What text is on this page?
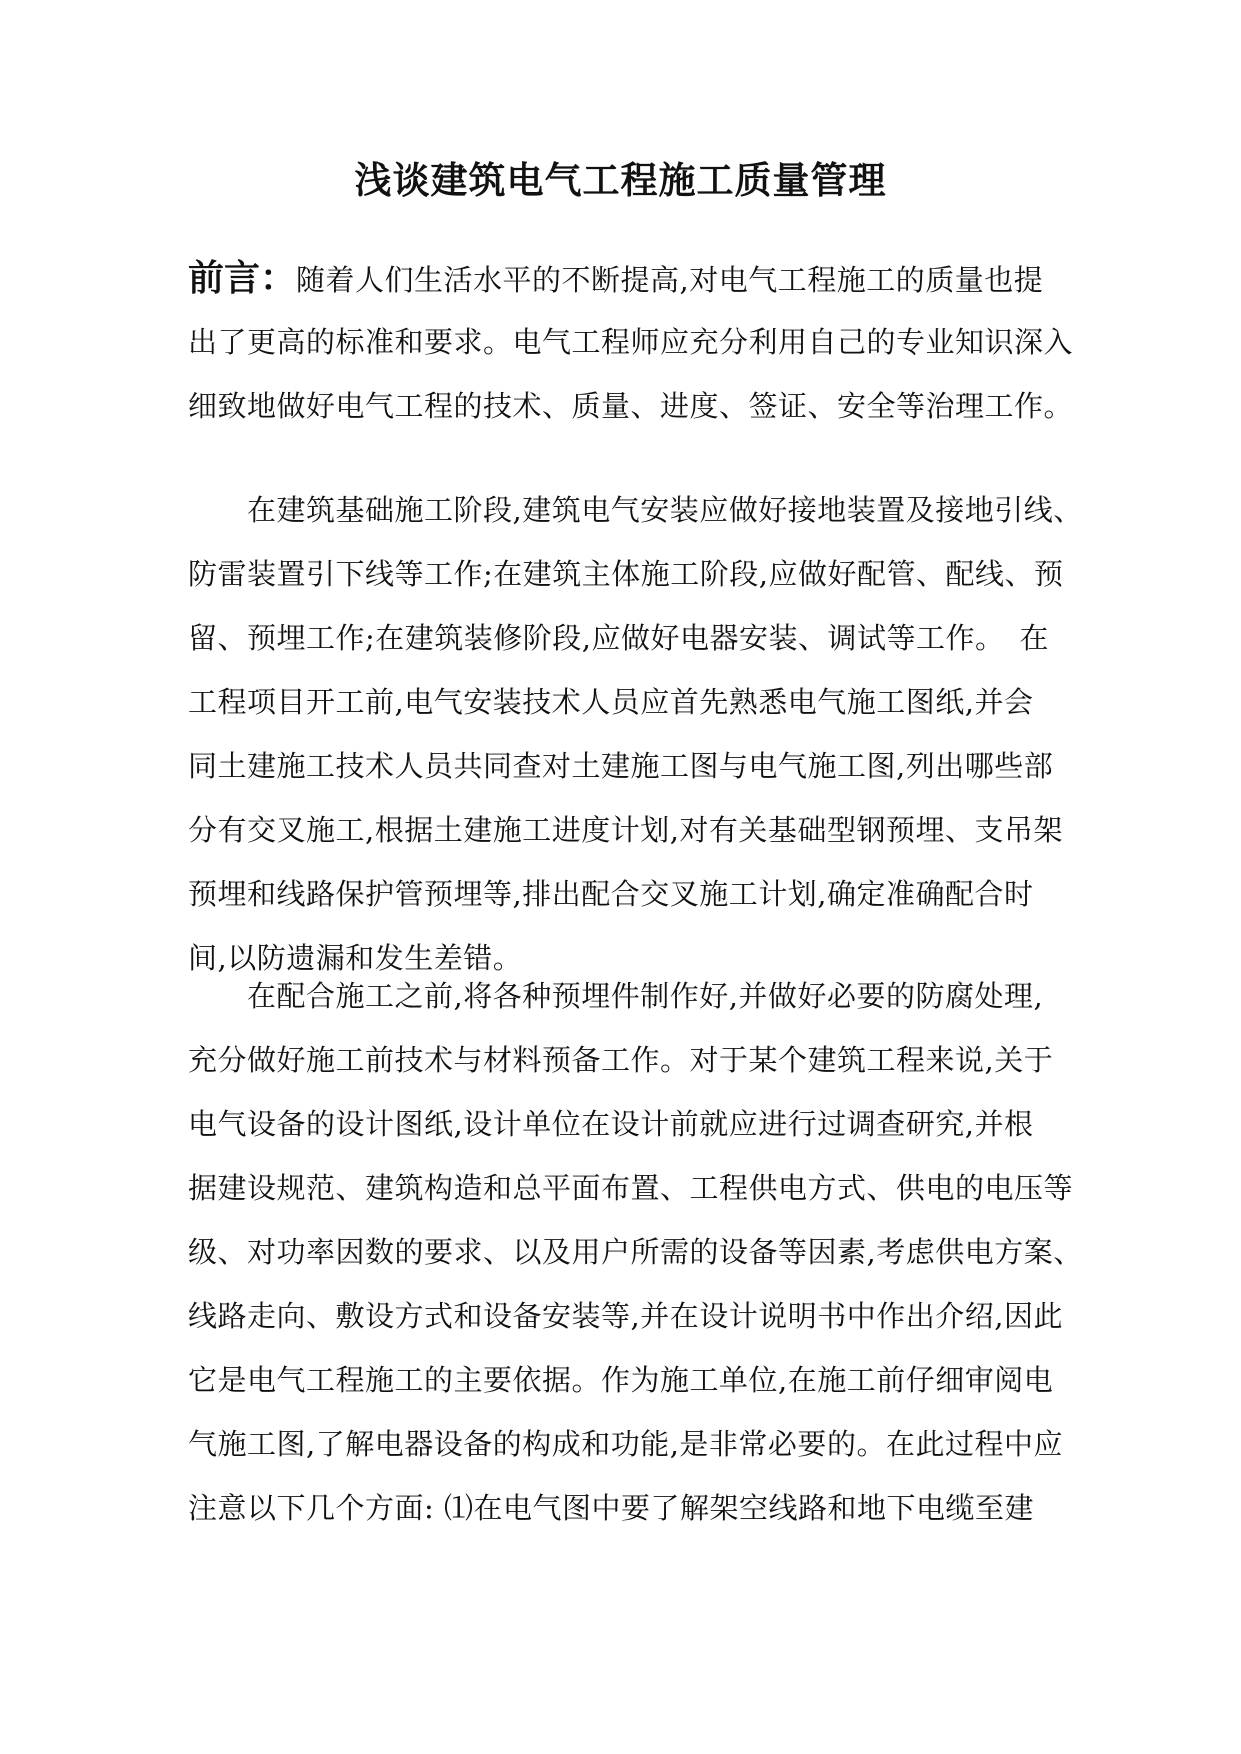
浅谈建筑电气工程施工质量管理
前言：随着人们生活水平的不断提高,对电气工程施工的质量也提
出了更高的标准和要求。电气工程师应充分利用自己的专业知识深入
细致地做好电气工程的技术、质量、进度、签证、安全等治理工作。
　　在建筑基础施工阶段,建筑电气安装应做好接地装置及接地引线、
防雷装置引下线等工作;在建筑主体施工阶段,应做好配管、配线、预
留、预埋工作;在建筑装修阶段,应做好电器安装、调试等工作。　在
工程项目开工前,电气安装技术人员应首先熟悉电气施工图纸,并会
同土建施工技术人员共同查对土建施工图与电气施工图,列出哪些部
分有交叉施工,根据土建施工进度计划,对有关基础型钢预埋、支吊架
预埋和线路保护管预埋等,排出配合交叉施工计划,确定准确配合时
间,以防遗漏和发生差错。
　　在配合施工之前,将各种预埋件制作好,并做好必要的防腐处理,
充分做好施工前技术与材料预备工作。对于某个建筑工程来说,关于
电气设备的设计图纸,设计单位在设计前就应进行过调查研究,并根
据建设规范、建筑构造和总平面布置、工程供电方式、供电的电压等
级、对功率因数的要求、以及用户所需的设备等因素,考虑供电方案、
线路走向、敷设方式和设备安装等,并在设计说明书中作出介绍,因此
它是电气工程施工的主要依据。作为施工单位,在施工前仔细审阅电
气施工图,了解电器设备的构成和功能,是非常必要的。在此过程中应
注意以下几个方面: ⑴在电气图中要了解架空线路和地下电缆至建
